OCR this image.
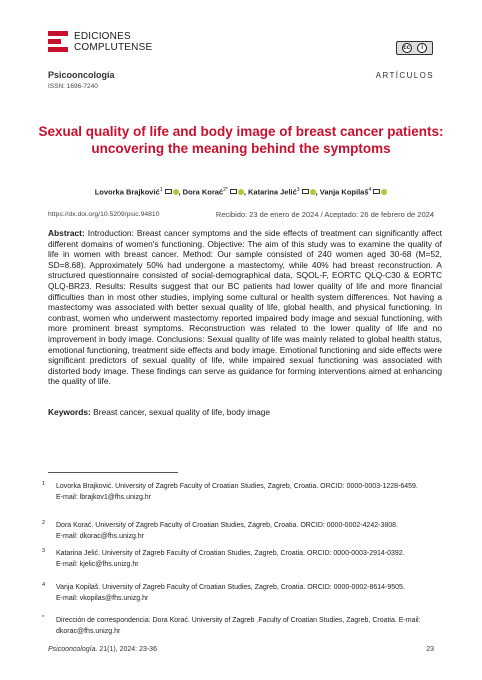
EDICIONES
COMPLUTENSE	cc	i
Psicooncología
ISSN: 1696-7240
ARTÍCULOS
Sexual quality of life and body image of breast cancer patients: uncovering the meaning behind the symptoms
Lovorka Brajković$^1$ , Dora Korać$^{2*}$ , Katarina Jelić$^3$ , Vanja Kopilaš$^4$
https://dx.doi.org/10.5209/psic.94810	Recibido: 23 de enero de 2024 / Aceptado: 26 de febrero de 2024
Abstract: Introduction: Breast cancer symptoms and the side effects of treatment can significantly affect different domains of women's functioning. Objective: The aim of this study was to examine the quality of life in women with breast cancer. Method: Our sample consisted of 240 women aged 30-68 (M=52, SD=8.68). Approximately 50% had undergone a mastectomy, while 40% had breast reconstruction. A structured questionnaire consisted of social-demographical data, SQOL-F, EORTC QLQ-C30 & EORTC QLQ-BR23. Results: Results suggest that our BC patients had lower quality of life and more financial difficulties than in most other studies, implying some cultural or health system differences. Not having a mastectomy was associated with better sexual quality of life, global health, and physical functioning. In contrast, women who underwent mastectomy reported impaired body image and sexual functioning, with more prominent breast symptoms. Reconstruction was related to the lower quality of life and no improvement in body image. Conclusions: Sexual quality of life was mainly related to global health status, emotional functioning, treatment side effects and body image. Emotional functioning and side effects were significant predictors of sexual quality of life, while impaired sexual functioning was associated with distorted body image. These findings can serve as guidance for forming interventions aimed at enhancing the quality of life.
Keywords: Breast cancer, sexual quality of life, body image
1 Lovorka Brajković. University of Zagreb Faculty of Croatian Studies, Zagreb, Croatia. ORCID: 0000-0003-1228-6459.
E-mail: lbrajkov1@fhs.unizg.hr
2 Dora Korać. University of Zagreb Faculty of Croatian Studies, Zagreb, Croatia. ORCID: 0000-0002-4242-3808.
E-mail: dkorac@fhs.unizg.hr
3 Katarina Jelić. University of Zagreb Faculty of Croatian Studies, Zagreb, Croatia. ORCID: 0000-0003-2914-0392.
E-mail: kjelic@fhs.unizg.hr
4 Vanja Kopilaš. University of Zagreb Faculty of Croatian Studies, Zagreb, Croatia. ORCID: 0000-0002-8614-9505.
E-mail: vkopilas@fhs.unizg.hr
* Dirección de correspondencia: Dora Korać. University of Zagreb .Faculty of Croatian Studies, Zagreb, Croatia. E-mail: dkorac@fhs.unizg.hr
Psicooncología. 21(1), 2024: 23-36	23
